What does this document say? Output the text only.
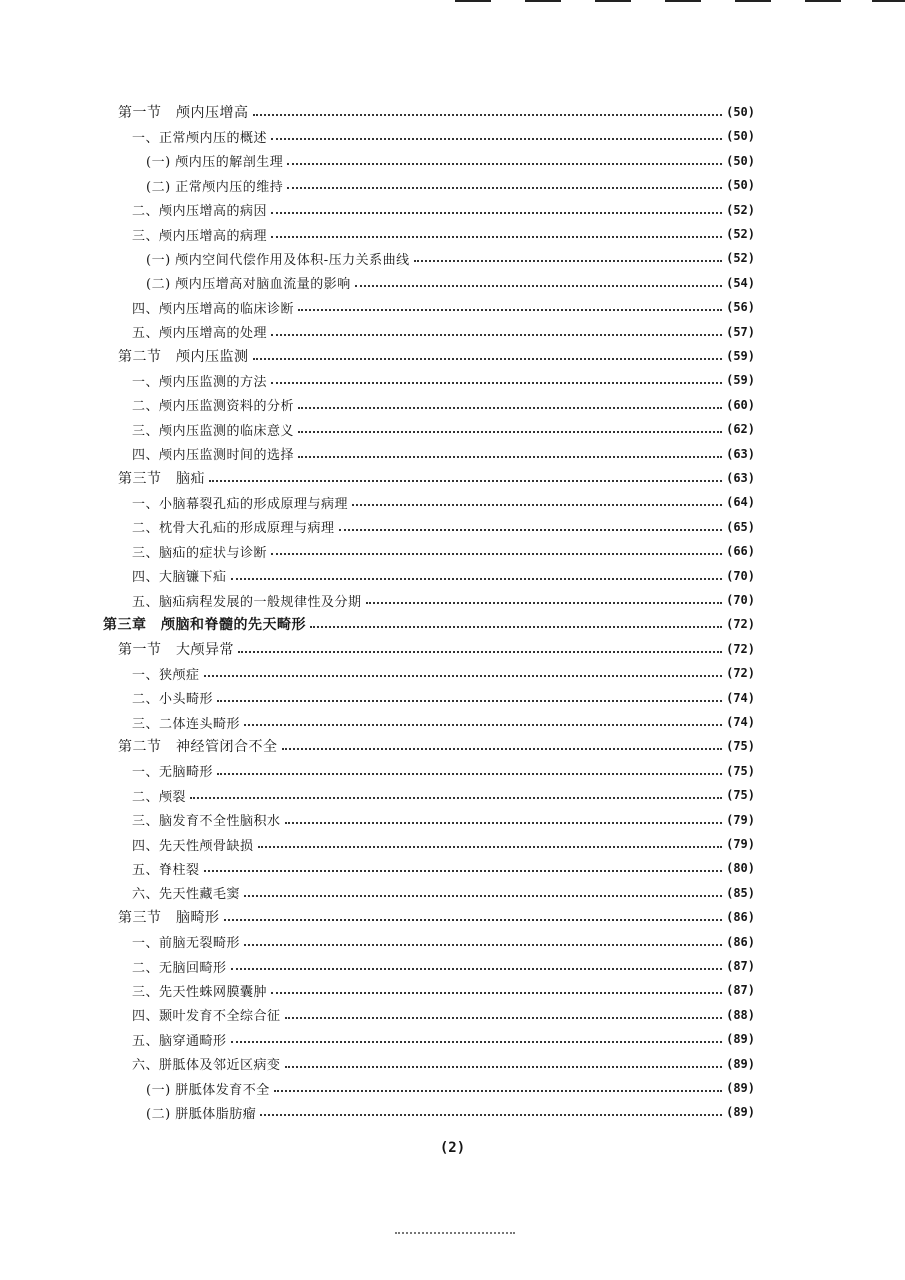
第一节　颅内压增高	(50)
一、正常颅内压的概述	(50)
(一) 颅内压的解剖生理	(50)
(二) 正常颅内压的维持	(50)
二、颅内压增高的病因	(52)
三、颅内压增高的病理	(52)
(一) 颅内空间代偿作用及体积-压力关系曲线	(52)
(二) 颅内压增高对脑血流量的影响	(54)
四、颅内压增高的临床诊断	(56)
五、颅内压增高的处理	(57)
第二节　颅内压监测	(59)
一、颅内压监测的方法	(59)
二、颅内压监测资料的分析	(60)
三、颅内压监测的临床意义	(62)
四、颅内压监测时间的选择	(63)
第三节　脑疝	(63)
一、小脑幕裂孔疝的形成原理与病理	(64)
二、枕骨大孔疝的形成原理与病理	(65)
三、脑疝的症状与诊断	(66)
四、大脑镰下疝	(70)
五、脑疝病程发展的一般规律性及分期	(70)
第三章　颅脑和脊髓的先天畸形	(72)
第一节　大颅异常	(72)
一、狭颅症	(72)
二、小头畸形	(74)
三、二体连头畸形	(74)
第二节　神经管闭合不全	(75)
一、无脑畸形	(75)
二、颅裂	(75)
三、脑发育不全性脑积水	(79)
四、先天性颅骨缺损	(79)
五、脊柱裂	(80)
六、先天性藏毛窦	(85)
第三节　脑畸形	(86)
一、前脑无裂畸形	(86)
二、无脑回畸形	(87)
三、先天性蛛网膜囊肿	(87)
四、颞叶发育不全综合征	(88)
五、脑穿通畸形	(89)
六、胼胝体及邻近区病变	(89)
(一) 胼胝体发育不全	(89)
(二) 胼胝体脂肪瘤	(89)
(2)
